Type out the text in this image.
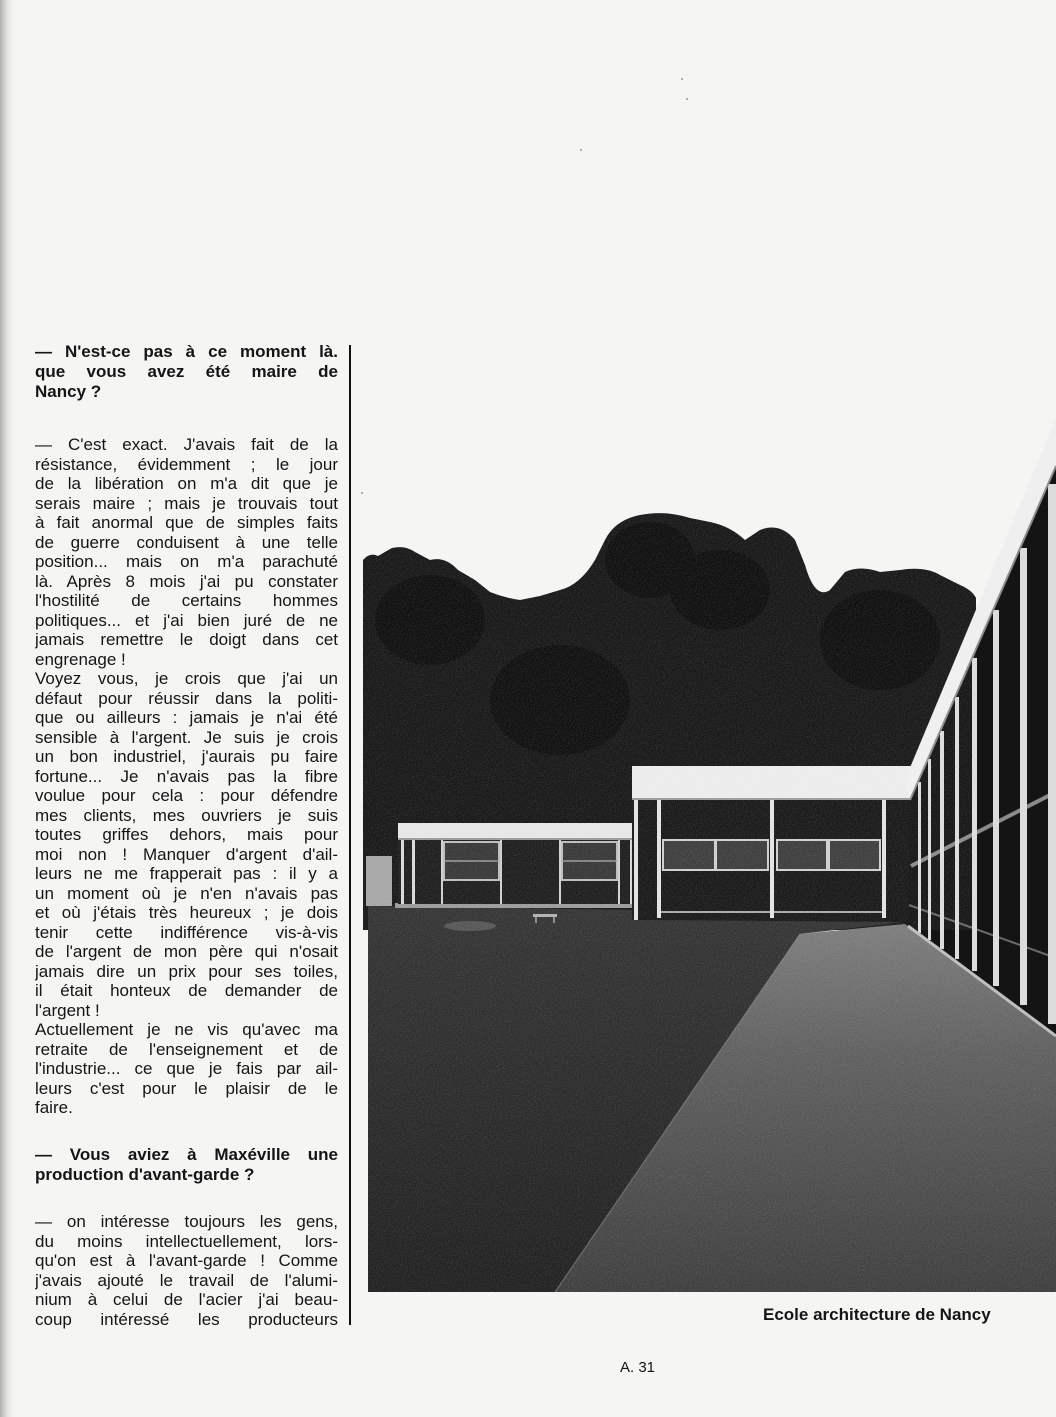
— N'est-ce pas à ce moment là.
que vous avez été maire de
Nancy ?
— C'est exact. J'avais fait de la
résistance, évidemment ; le jour
de la libération on m'a dit que je
serais maire ; mais je trouvais tout
à fait anormal que de simples faits
de guerre conduisent à une telle
position... mais on m'a parachuté
là. Après 8 mois j'ai pu constater
l'hostilité de certains hommes
politiques... et j'ai bien juré de ne
jamais remettre le doigt dans cet
engrenage !
Voyez vous, je crois que j'ai un
défaut pour réussir dans la politi-
que ou ailleurs : jamais je n'ai été
sensible à l'argent. Je suis je crois
un bon industriel, j'aurais pu faire
fortune... Je n'avais pas la fibre
voulue pour cela : pour défendre
mes clients, mes ouvriers je suis
toutes griffes dehors, mais pour
moi non ! Manquer d'argent d'ail-
leurs ne me frapperait pas : il y a
un moment où je n'en n'avais pas
et où j'étais très heureux ; je dois
tenir cette indifférence vis-à-vis
de l'argent de mon père qui n'osait
jamais dire un prix pour ses toiles,
il était honteux de demander de
l'argent !
Actuellement je ne vis qu'avec ma
retraite de l'enseignement et de
l'industrie... ce que je fais par ail-
leurs c'est pour le plaisir de le
faire.
— Vous aviez à Maxéville une
production d'avant-garde ?
— on intéresse toujours les gens,
du moins intellectuellement, lors-
qu'on est à l'avant-garde ! Comme
j'avais ajouté le travail de l'alumi-
nium à celui de l'acier j'ai beau-
coup intéressé les producteurs	Ecole architecture de Nancy
A. 31
